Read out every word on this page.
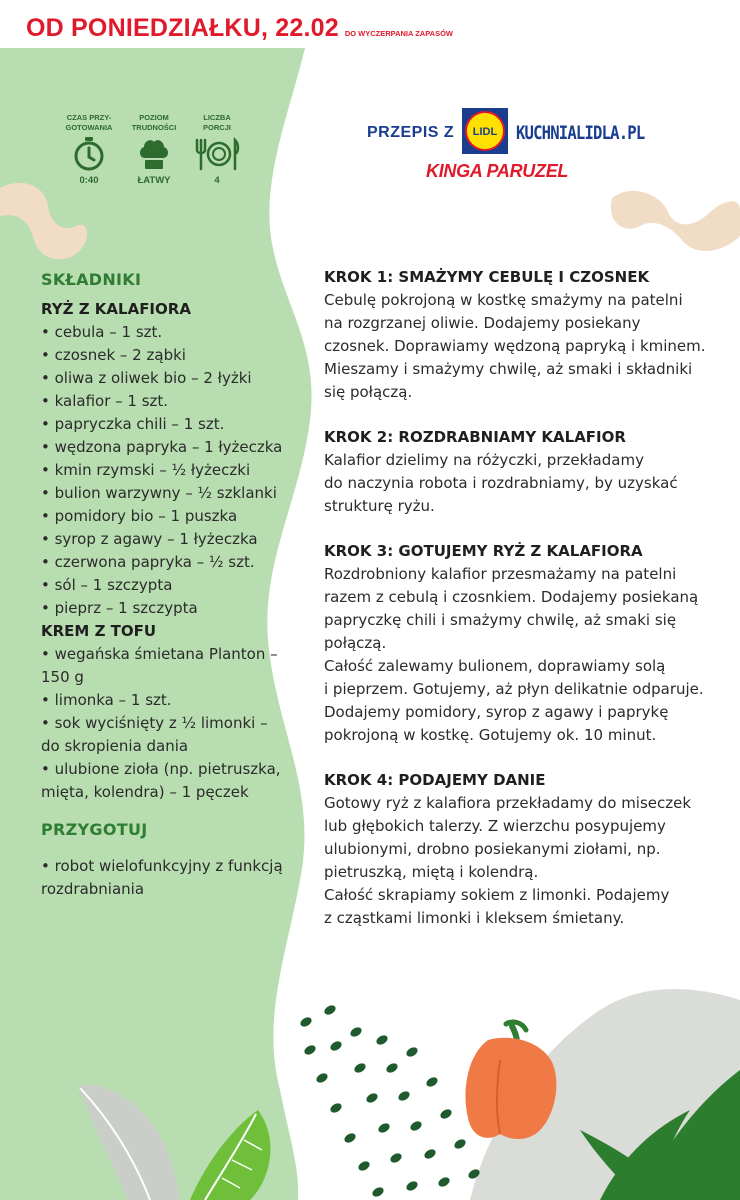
OD PONIEDZIAŁKU, 22.02 DO WYCZERPANIA ZAPASÓW
CZAS PRZY-
GOTOWANIA
0:40
POZIOM
TRUDNOŚCI
ŁATWY
LICZBA
PORCJI
4
PRZEPIS Z LIDL KUCHNIALIDLA.PL
KINGA PARUZEL
SKŁADNIKI
RYŻ Z KALAFIORA
• cebula – 1 szt.
• czosnek – 2 ząbki
• oliwa z oliwek bio – 2 łyżki
• kalafior – 1 szt.
• papryczka chili – 1 szt.
• wędzona papryka – 1 łyżeczka
• kmin rzymski – ½ łyżeczki
• bulion warzywny – ½ szklanki
• pomidory bio – 1 puszka
• syrop z agawy – 1 łyżeczka
• czerwona papryka – ½ szt.
• sól – 1 szczypta
• pieprz – 1 szczypta
KREM Z TOFU
• wegańska śmietana Planton –
150 g
• limonka – 1 szt.
• sok wyciśnięty z ½ limonki –
do skropienia dania
• ulubione zioła (np. pietruszka,
mięta, kolendra) – 1 pęczek
PRZYGOTUJ
• robot wielofunkcyjny z funkcją
rozdrabniania
KROK 1: SMAŻYMY CEBULĘ I CZOSNEK
Cebulę pokrojoną w kostkę smażymy na patelni
na rozgrzanej oliwie. Dodajemy posiekany
czosnek. Doprawiamy wędzoną papryką i kminem.
Mieszamy i smażymy chwilę, aż smaki i składniki
się połączą.
KROK 2: ROZDRABNIAMY KALAFIOR
Kalafior dzielimy na różyczki, przekładamy
do naczynia robota i rozdrabniamy, by uzyskać
strukturę ryżu.
KROK 3: GOTUJEMY RYŻ Z KALAFIORA
Rozdrobniony kalafior przesmażamy na patelni
razem z cebulą i czosnkiem. Dodajemy posiekaną
papryczkę chili i smażymy chwilę, aż smaki się
połączą.
Całość zalewamy bulionem, doprawiamy solą
i pieprzem. Gotujemy, aż płyn delikatnie odparuje.
Dodajemy pomidory, syrop z agawy i paprykę
pokrojoną w kostkę. Gotujemy ok. 10 minut.
KROK 4: PODAJEMY DANIE
Gotowy ryż z kalafiora przekładamy do miseczek
lub głębokich talerzy. Z wierzchu posypujemy
ulubionymi, drobno posiekanymi ziołami, np.
pietruszką, miętą i kolendrą.
Całość skrapiamy sokiem z limonki. Podajemy
z cząstkami limonki i kleksem śmietany.
